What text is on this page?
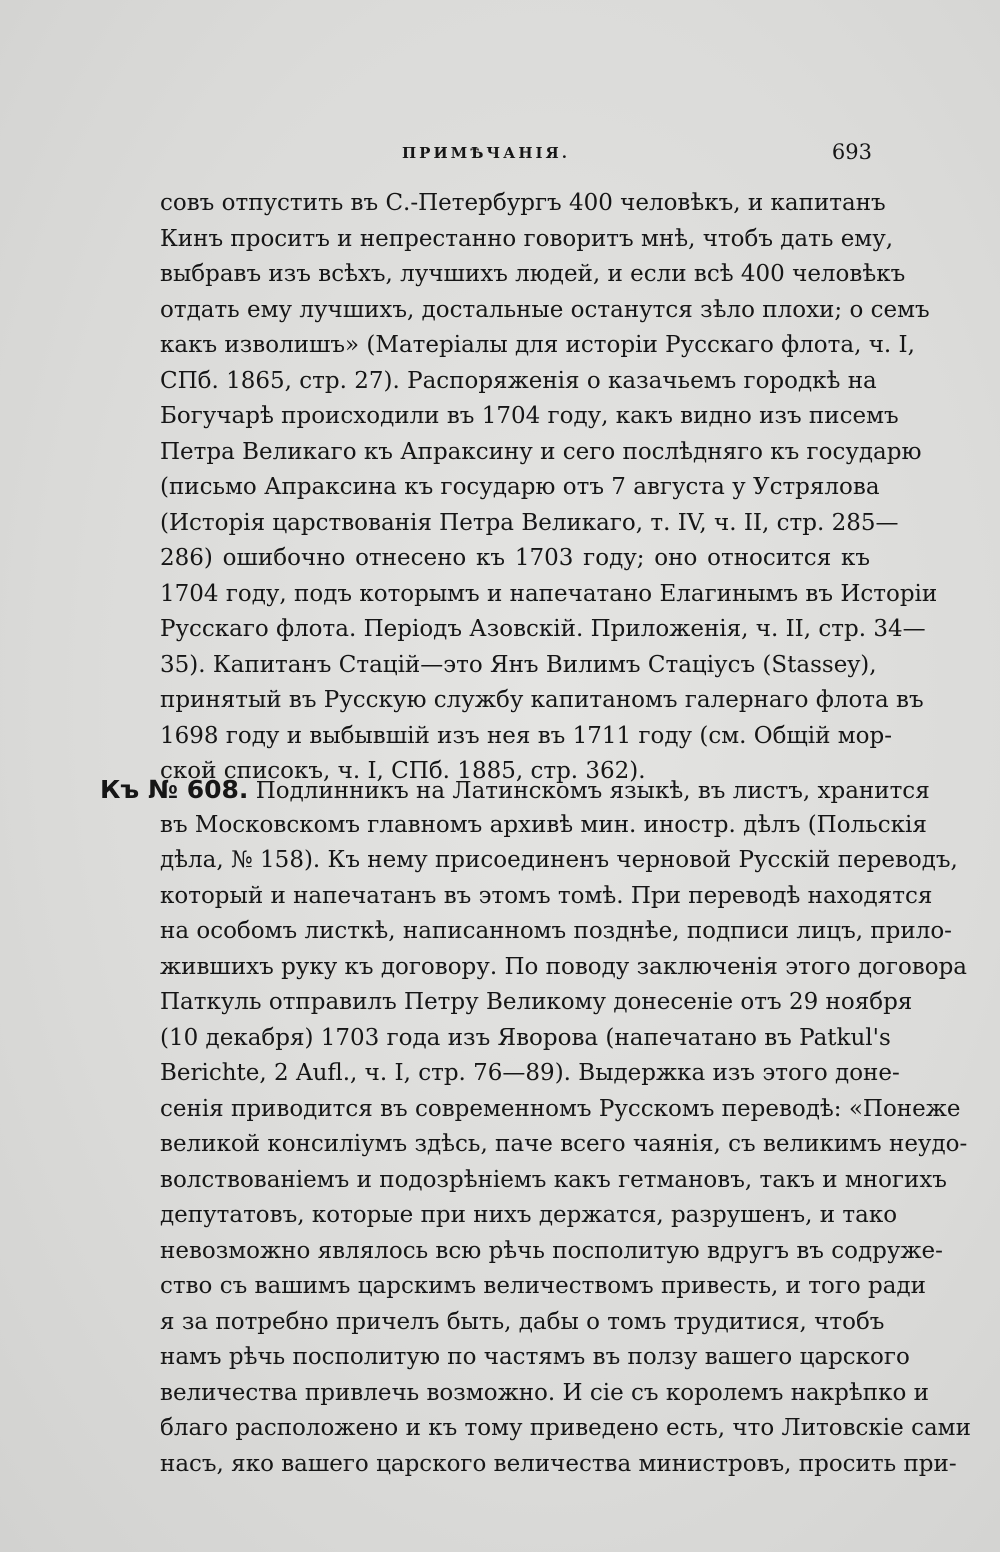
ПРИМѢЧАНІЯ.	693
совъ отпустить въ С.-Петербургъ 400 человѣкъ, и капитанъ
Кинъ проситъ и непрестанно говоритъ мнѣ, чтобъ дать ему,
выбравъ изъ всѣхъ, лучшихъ людей, и если всѣ 400 человѣкъ
отдать ему лучшихъ, достальные останутся зѣло плохи; о семъ
какъ изволишъ» (Матеріалы для исторіи Русскаго флота, ч. I,
СПб. 1865, стр. 27). Распоряженія о казачьемъ городкѣ на
Богучарѣ происходили въ 1704 году, какъ видно изъ писемъ
Петра Великаго къ Апраксину и сего послѣдняго къ государю
(письмо Апраксина къ государю отъ 7 августа у Устрялова
(Исторія царствованія Петра Великаго, т. IV, ч. II, стр. 285—
286) ошибочно отнесено къ 1703 году; оно относится къ
1704 году, подъ которымъ и напечатано Елагинымъ въ Исторіи
Русскаго флота. Періодъ Азовскій. Приложенія, ч. II, стр. 34—
35). Капитанъ Стацій—это Янъ Вилимъ Стаціусъ (Stassey),
принятый въ Русскую службу капитаномъ галернаго флота въ
1698 году и выбывшій изъ нея въ 1711 году (см. Общій мор-
ской списокъ, ч. I, СПб. 1885, стр. 362).
Къ № 608. Подлинникъ на Латинскомъ языкѣ, въ листъ, хранится
въ Московскомъ главномъ архивѣ мин. иностр. дѣлъ (Польскія
дѣла, № 158). Къ нему присоединенъ черновой Русскій переводъ,
который и напечатанъ въ этомъ томѣ. При переводѣ находятся
на особомъ листкѣ, написанномъ позднѣе, подписи лицъ, прило-
жившихъ руку къ договору. По поводу заключенія этого договора
Паткуль отправилъ Петру Великому донесеніе отъ 29 ноября
(10 декабря) 1703 года изъ Яворова (напечатано въ Patkul's
Berichte, 2 Aufl., ч. I, стр. 76—89). Выдержка изъ этого доне-
сенія приводится въ современномъ Русскомъ переводѣ: «Понеже
великой консиліумъ здѣсь, паче всего чаянія, съ великимъ неудо-
волствованіемъ и подозрѣніемъ какъ гетмановъ, такъ и многихъ
депутатовъ, которые при нихъ держатся, разрушенъ, и тако
невозможно являлось всю рѣчь посполитую вдругъ въ содруже-
ство съ вашимъ царскимъ величествомъ привесть, и того ради
я за потребно причелъ быть, дабы о томъ трудитися, чтобъ
намъ рѣчь посполитую по частямъ въ ползу вашего царского
величества привлечь возможно. И сіе съ королемъ накрѣпко и
благо расположено и къ тому приведено есть, что Литовскіе сами
насъ, яко вашего царского величества министровъ, просить при-
